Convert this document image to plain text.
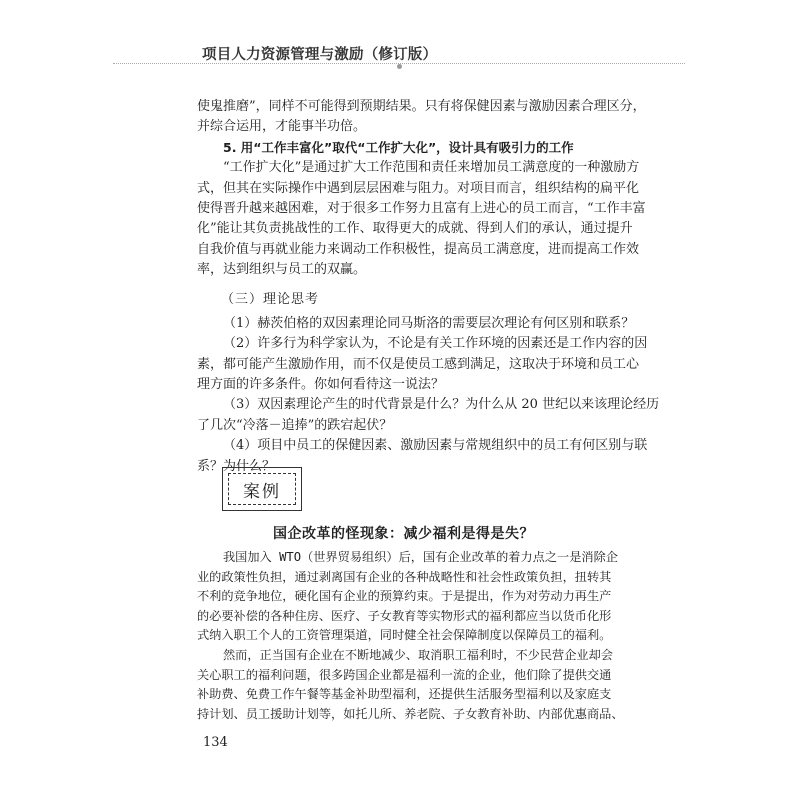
项目人力资源管理与激励（修订版）
使鬼推磨”，同样不可能得到预期结果。只有将保健因素与激励因素合理区分，
并综合运用，才能事半功倍。
5. 用“工作丰富化”取代“工作扩大化”，设计具有吸引力的工作
“工作扩大化”是通过扩大工作范围和责任来增加员工满意度的一种激励方
式，但其在实际操作中遇到层层困难与阻力。对项目而言，组织结构的扁平化
使得晋升越来越困难，对于很多工作努力且富有上进心的员工而言，“工作丰富
化”能让其负责挑战性的工作、取得更大的成就、得到人们的承认，通过提升
自我价值与再就业能力来调动工作积极性，提高员工满意度，进而提高工作效
率，达到组织与员工的双赢。
（三）理论思考
（1）赫茨伯格的双因素理论同马斯洛的需要层次理论有何区别和联系？
（2）许多行为科学家认为，不论是有关工作环境的因素还是工作内容的因
素，都可能产生激励作用，而不仅是使员工感到满足，这取决于环境和员工心
理方面的许多条件。你如何看待这一说法？
（3）双因素理论产生的时代背景是什么？为什么从 20 世纪以来该理论经历
了几次“冷落－追捧”的跌宕起伏？
（4）项目中员工的保健因素、激励因素与常规组织中的员工有何区别与联
系？为什么？
案例
国企改革的怪现象：减少福利是得是失？
我国加入 WTO（世界贸易组织）后，国有企业改革的着力点之一是消除企
业的政策性负担，通过剥离国有企业的各种战略性和社会性政策负担，扭转其
不利的竞争地位，硬化国有企业的预算约束。于是提出，作为对劳动力再生产
的必要补偿的各种住房、医疗、子女教育等实物形式的福利都应当以货币化形
式纳入职工个人的工资管理渠道，同时健全社会保障制度以保障员工的福利。
然而，正当国有企业在不断地减少、取消职工福利时，不少民营企业却会
关心职工的福利问题，很多跨国企业都是福利一流的企业，他们除了提供交通
补助费、免费工作午餐等基金补助型福利，还提供生活服务型福利以及家庭支
持计划、员工援助计划等，如托儿所、养老院、子女教育补助、内部优惠商品、
134
